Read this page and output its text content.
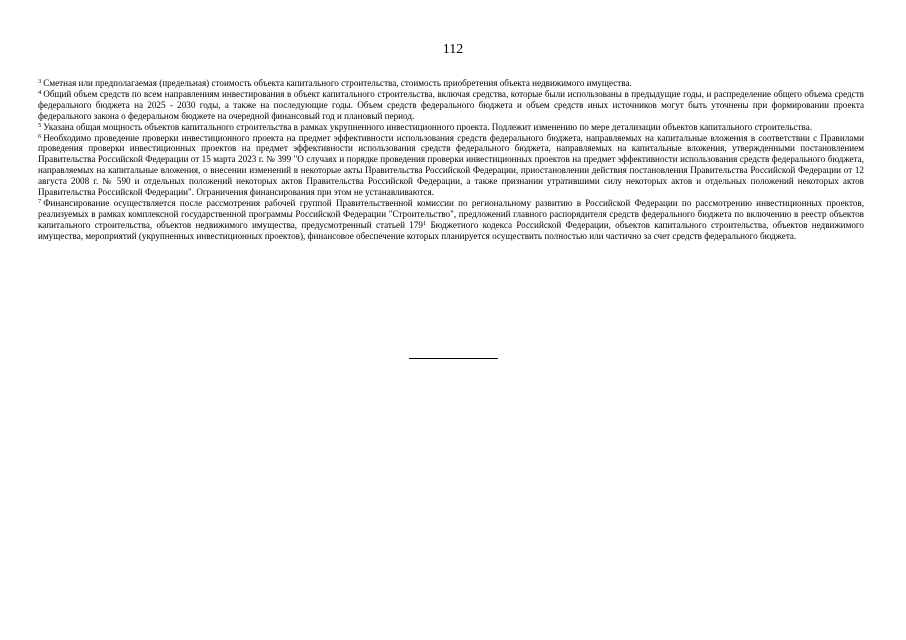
112

$^3$ Сметная или предполагаемая (предельная) стоимость объекта капитального строительства, стоимость приобретения объекта недвижимого имущества.

$^4$ Общий объем средств по всем направлениям инвестирования в объект капитального строительства, включая средства, которые были использованы в предыдущие годы, и распределение общего объема средств федерального бюджета на 2025 - 2030 годы, а также на последующие годы. Объем средств федерального бюджета и объем средств иных источников могут быть уточнены при формировании проекта федерального закона о федеральном бюджете на очередной финансовый год и плановый период.

$^5$ Указана общая мощность объектов капитального строительства в рамках укрупненного инвестиционного проекта. Подлежит изменению по мере детализации объектов капитального строительства.

$^6$ Необходимо проведение проверки инвестиционного проекта на предмет эффективности использования средств федерального бюджета, направляемых на капитальные вложения в соответствии с Правилами проведения проверки инвестиционных проектов на предмет эффективности использования средств федерального бюджета, направляемых на капитальные вложения, утвержденными постановлением Правительства Российской Федерации от 15 марта 2023 г. № 399 "О случаях и порядке проведения проверки инвестиционных проектов на предмет эффективности использования средств федерального бюджета, направляемых на капитальные вложения, о внесении изменений в некоторые акты Правительства Российской Федерации, приостановлении действия постановления Правительства Российской Федерации от 12 августа 2008 г. № 590 и отдельных положений некоторых актов Правительства Российской Федерации, а также признании утратившими силу некоторых актов и отдельных положений некоторых актов Правительства Российской Федерации". Ограничения финансирования при этом не устанавливаются.

$^7$ Финансирование осуществляется после рассмотрения рабочей группой Правительственной комиссии по региональному развитию в Российской Федерации по рассмотрению инвестиционных проектов, реализуемых в рамках комплексной государственной программы Российской Федерации "Строительство", предложений главного распорядителя средств федерального бюджета по включению в реестр объектов капитального строительства, объектов недвижимого имущества, предусмотренный статьей $179^1$ Бюджетного кодекса Российской Федерации, объектов капитального строительства, объектов недвижимого имущества, мероприятий (укрупненных инвестиционных проектов), финансовое обеспечение которых планируется осуществить полностью или частично за счет средств федерального бюджета.
